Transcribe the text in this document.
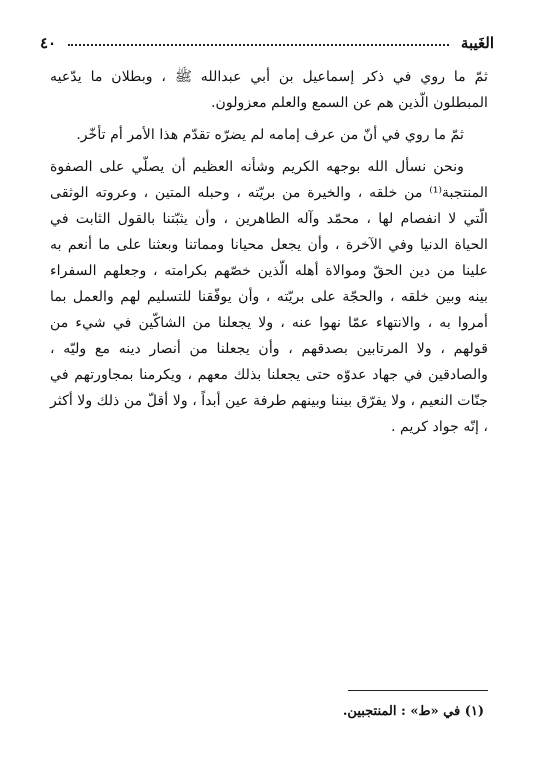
٤٠	الغَيبة

ثمّ ما روي في ذكر إسماعيل بن أبي عبدالله ﷺ ، وبطلان ما يدّعيه المبطلون الّذين هم عن السمع والعلم معزولون.

ثمّ ما روي في أنّ من عرف إمامه لم يضرّه تقدّم هذا الأمر أم تأخّر.

ونحن نسأل الله بوجهه الكريم وشأنه العظيم أن يصلّي على الصفوة المنتجبة⁽¹⁾ من خلقه ، والخيرة من بريّته ، وحبله المتين ، وعروته الوثقى الّتي لا انفصام لها ، محمّد وآله الطاهرين ، وأن يثبّتنا بالقول الثابت في الحياة الدنيا وفي الآخرة ، وأن يجعل محيانا ومماتنا وبعثنا على ما أنعم به علينا من دين الحقّ وموالاة أهله الّذين خصّهم بكرامته ، وجعلهم السفراء بينه وبين خلقه ، والحجّة على بريّته ، وأن يوفّقنا للتسليم لهم والعمل بما أمروا به ، والانتهاء عمّا نهوا عنه ، ولا يجعلنا من الشاكّين في شيء من قولهم ، ولا المرتابين بصدقهم ، وأن يجعلنا من أنصار دينه مع وليّه ، والصادقين في جهاد عدوّه حتى يجعلنا بذلك معهم ، ويكرمنا بمجاورتهم في جنّات النعيم ، ولا يفرّق بيننا وبينهم طرفة عين أبداً ، ولا أقلّ من ذلك ولا أكثر ، إنّه جواد كريم .

(١) في «ط» : المنتجبين.
